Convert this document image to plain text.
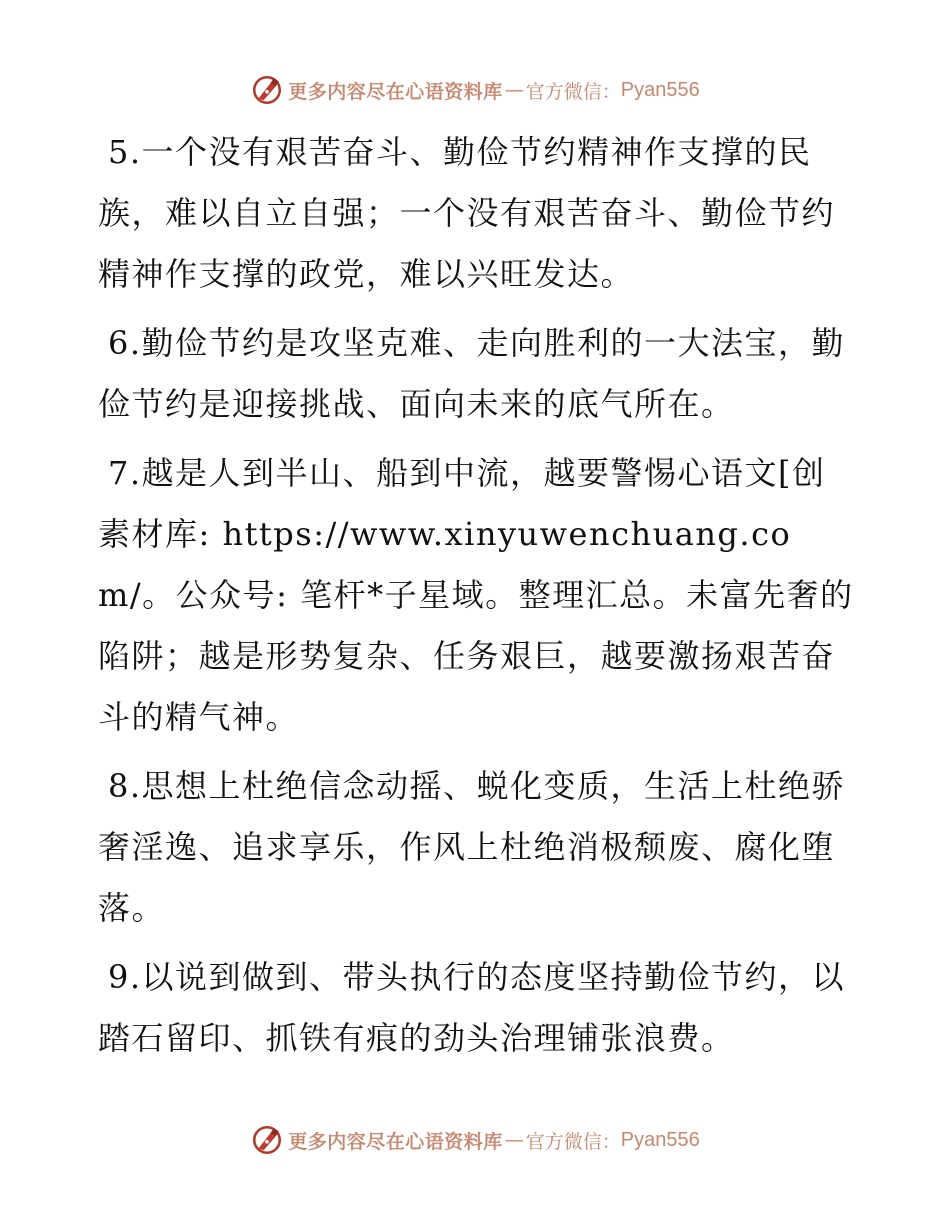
更多内容尽在心语资料库 — 官方微信： Pyan556

5.一个没有艰苦奋斗、勤俭节约精神作支撑的民族，难以自立自强；一个没有艰苦奋斗、勤俭节约精神作支撑的政党，难以兴旺发达。

6.勤俭节约是攻坚克难、走向胜利的一大法宝，勤俭节约是迎接挑战、面向未来的底气所在。

7.越是人到半山、船到中流，越要警惕心语文[创素材库: https://www.xinyuwenchuang.com/。公众号: 笔杆*子星域。整理汇总。未富先奢的陷阱；越是形势复杂、任务艰巨，越要激扬艰苦奋斗的精气神。

8.思想上杜绝信念动摇、蜕化变质，生活上杜绝骄奢淫逸、追求享乐，作风上杜绝消极颓废、腐化堕落。

9.以说到做到、带头执行的态度坚持勤俭节约，以踏石留印、抓铁有痕的劲头治理铺张浪费。

更多内容尽在心语资料库 — 官方微信： Pyan556
